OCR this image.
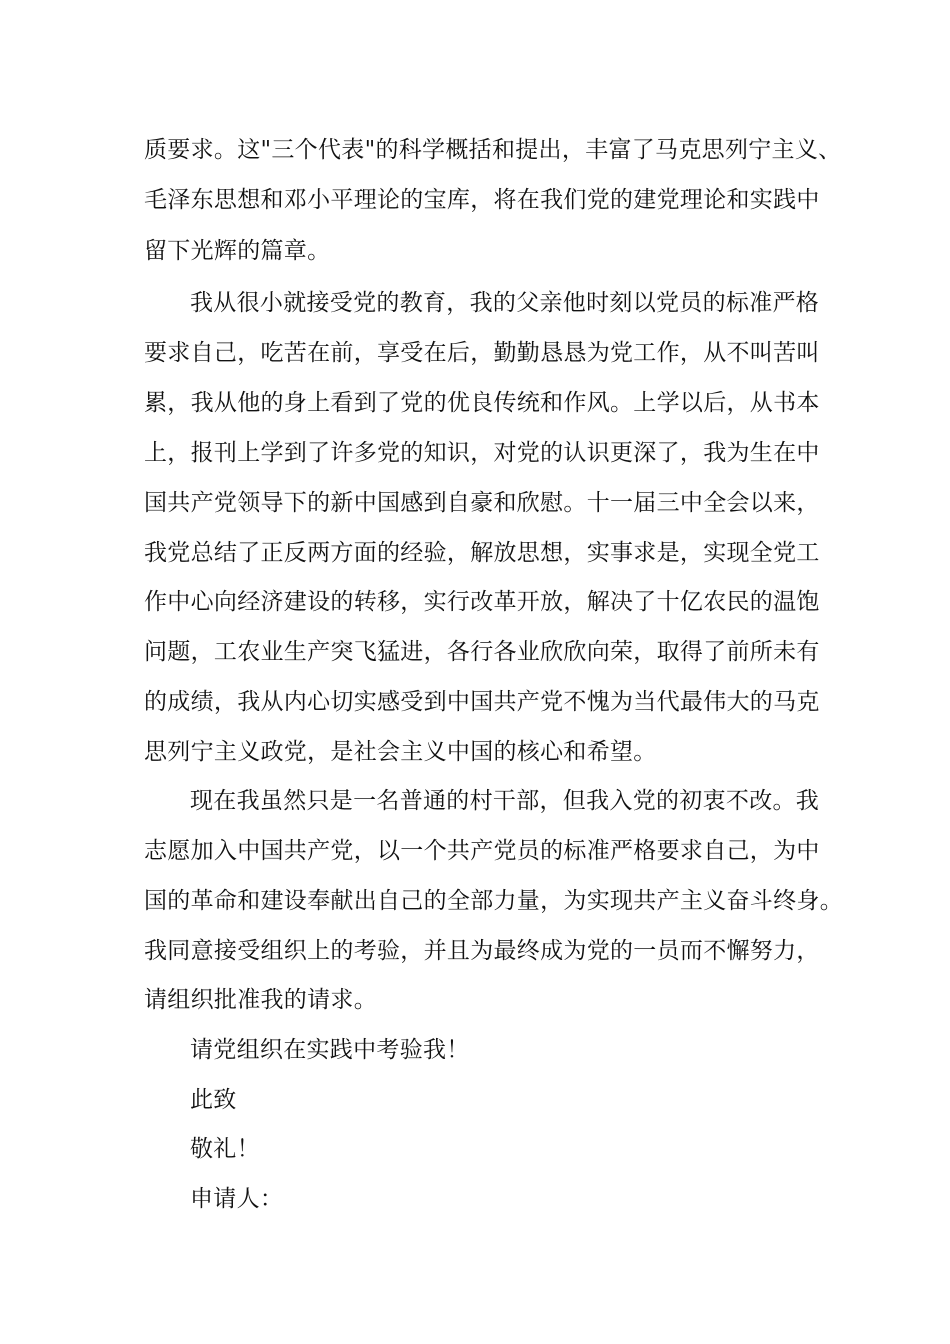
质要求。这"三个代表"的科学概括和提出，丰富了马克思列宁主义、
毛泽东思想和邓小平理论的宝库，将在我们党的建党理论和实践中
留下光辉的篇章。
我从很小就接受党的教育，我的父亲他时刻以党员的标准严格
要求自己，吃苦在前，享受在后，勤勤恳恳为党工作，从不叫苦叫
累，我从他的身上看到了党的优良传统和作风。上学以后，从书本
上，报刊上学到了许多党的知识，对党的认识更深了，我为生在中
国共产党领导下的新中国感到自豪和欣慰。十一届三中全会以来，
我党总结了正反两方面的经验，解放思想，实事求是，实现全党工
作中心向经济建设的转移，实行改革开放，解决了十亿农民的温饱
问题，工农业生产突飞猛进，各行各业欣欣向荣，取得了前所未有
的成绩，我从内心切实感受到中国共产党不愧为当代最伟大的马克
思列宁主义政党，是社会主义中国的核心和希望。
现在我虽然只是一名普通的村干部，但我入党的初衷不改。我
志愿加入中国共产党，以一个共产党员的标准严格要求自己，为中
国的革命和建设奉献出自己的全部力量，为实现共产主义奋斗终身。
我同意接受组织上的考验，并且为最终成为党的一员而不懈努力，
请组织批准我的请求。
请党组织在实践中考验我！
此致
敬礼！
申请人：
